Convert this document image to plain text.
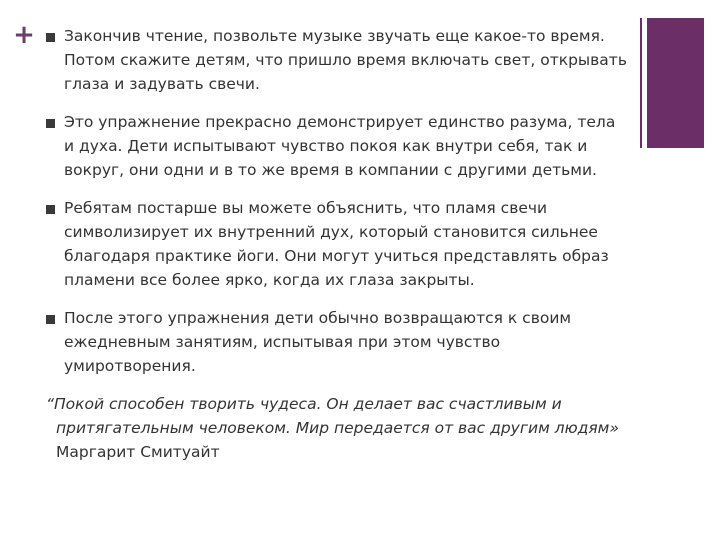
+	Закончив чтение, позвольте музыке звучать еще какое-то время. Потом скажите детям, что пришло время включать свет, открывать глаза и задувать свечи.
Это упражнение прекрасно демонстрирует единство разума, тела и духа. Дети испытывают чувство покоя как внутри себя, так и вокруг, они одни и в то же время в компании с другими детьми.
Ребятам постарше вы можете объяснить, что пламя свечи символизирует их внутренний дух, который становится сильнее благодаря практике йоги. Они могут учиться представлять образ пламени все более ярко, когда их глаза закрыты.
После этого упражнения дети обычно возвращаются к своим ежедневным занятиям, испытывая при этом чувство умиротворения.
“Покой способен творить чудеса. Он делает вас счастливым и притягательным человеком. Мир передается от вас другим людям» Маргарит Смитуайт
